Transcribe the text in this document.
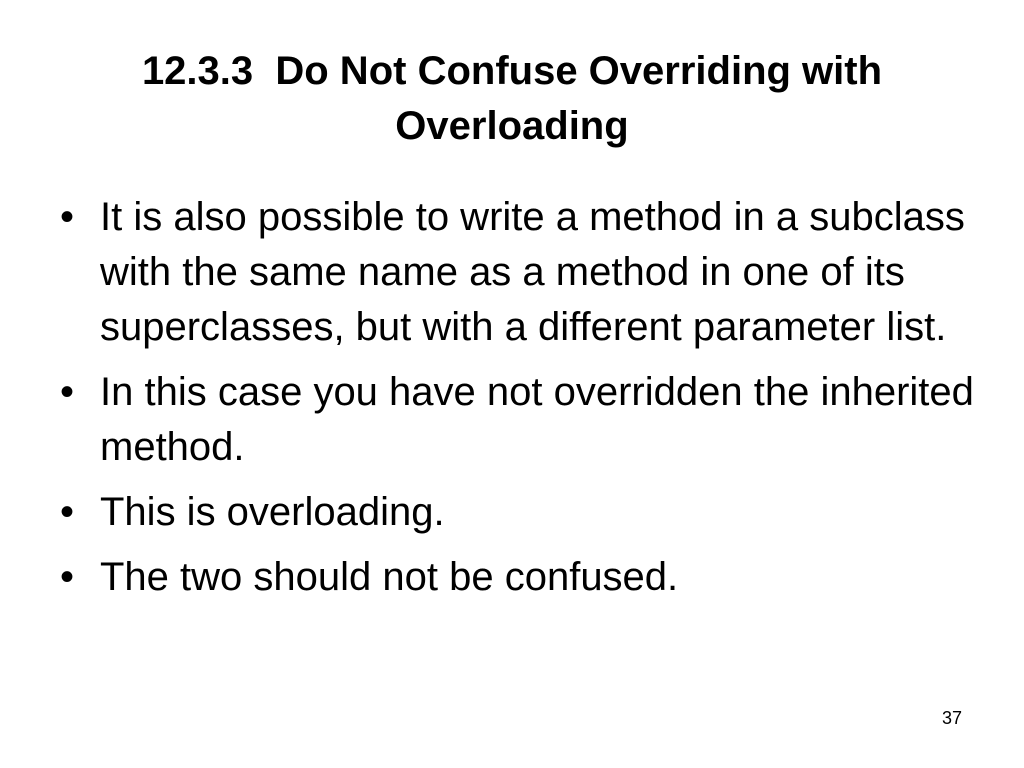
12.3.3  Do Not Confuse Overriding with
Overloading
• It is also possible to write a method in a subclass with the same name as a method in one of its superclasses, but with a different parameter list.
• In this case you have not overridden the inherited method.
• This is overloading.
• The two should not be confused.
37
